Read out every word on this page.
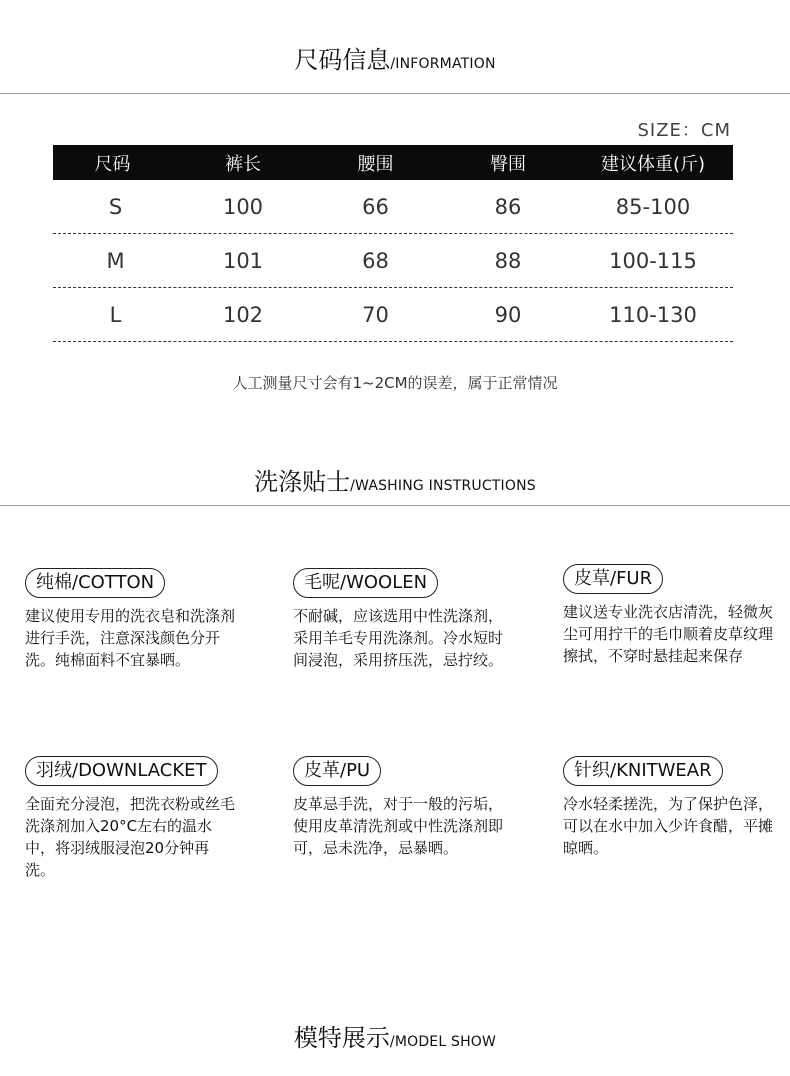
尺码信息/INFORMATION
SIZE：CM
尺码	裤长	腰围	臀围	建议体重(斤)
S	100	66	86	85-100
M	101	68	88	100-115
L	102	70	90	110-130
人工测量尺寸会有1~2CM的误差，属于正常情况
洗涤贴士/WASHING INSTRUCTIONS
纯棉/COTTON
建议使用专用的洗衣皂和洗涤剂进行手洗，注意深浅颜色分开洗。纯棉面料不宜暴晒。
毛呢/WOOLEN
不耐碱，应该选用中性洗涤剂，采用羊毛专用洗涤剂。冷水短时间浸泡，采用挤压洗，忌拧绞。
皮草/FUR
建议送专业洗衣店清洗，轻微灰尘可用拧干的毛巾顺着皮草纹理擦拭，不穿时悬挂起来保存
羽绒/DOWNLACKET
全面充分浸泡，把洗衣粉或丝毛洗涤剂加入20°C左右的温水中，将羽绒服浸泡20分钟再洗。
皮革/PU
皮革忌手洗，对于一般的污垢，使用皮革清洗剂或中性洗涤剂即可，忌未洗净，忌暴晒。
针织/KNITWEAR
冷水轻柔搓洗，为了保护色泽，可以在水中加入少许食醋，平摊晾晒。
模特展示/MODEL SHOW
